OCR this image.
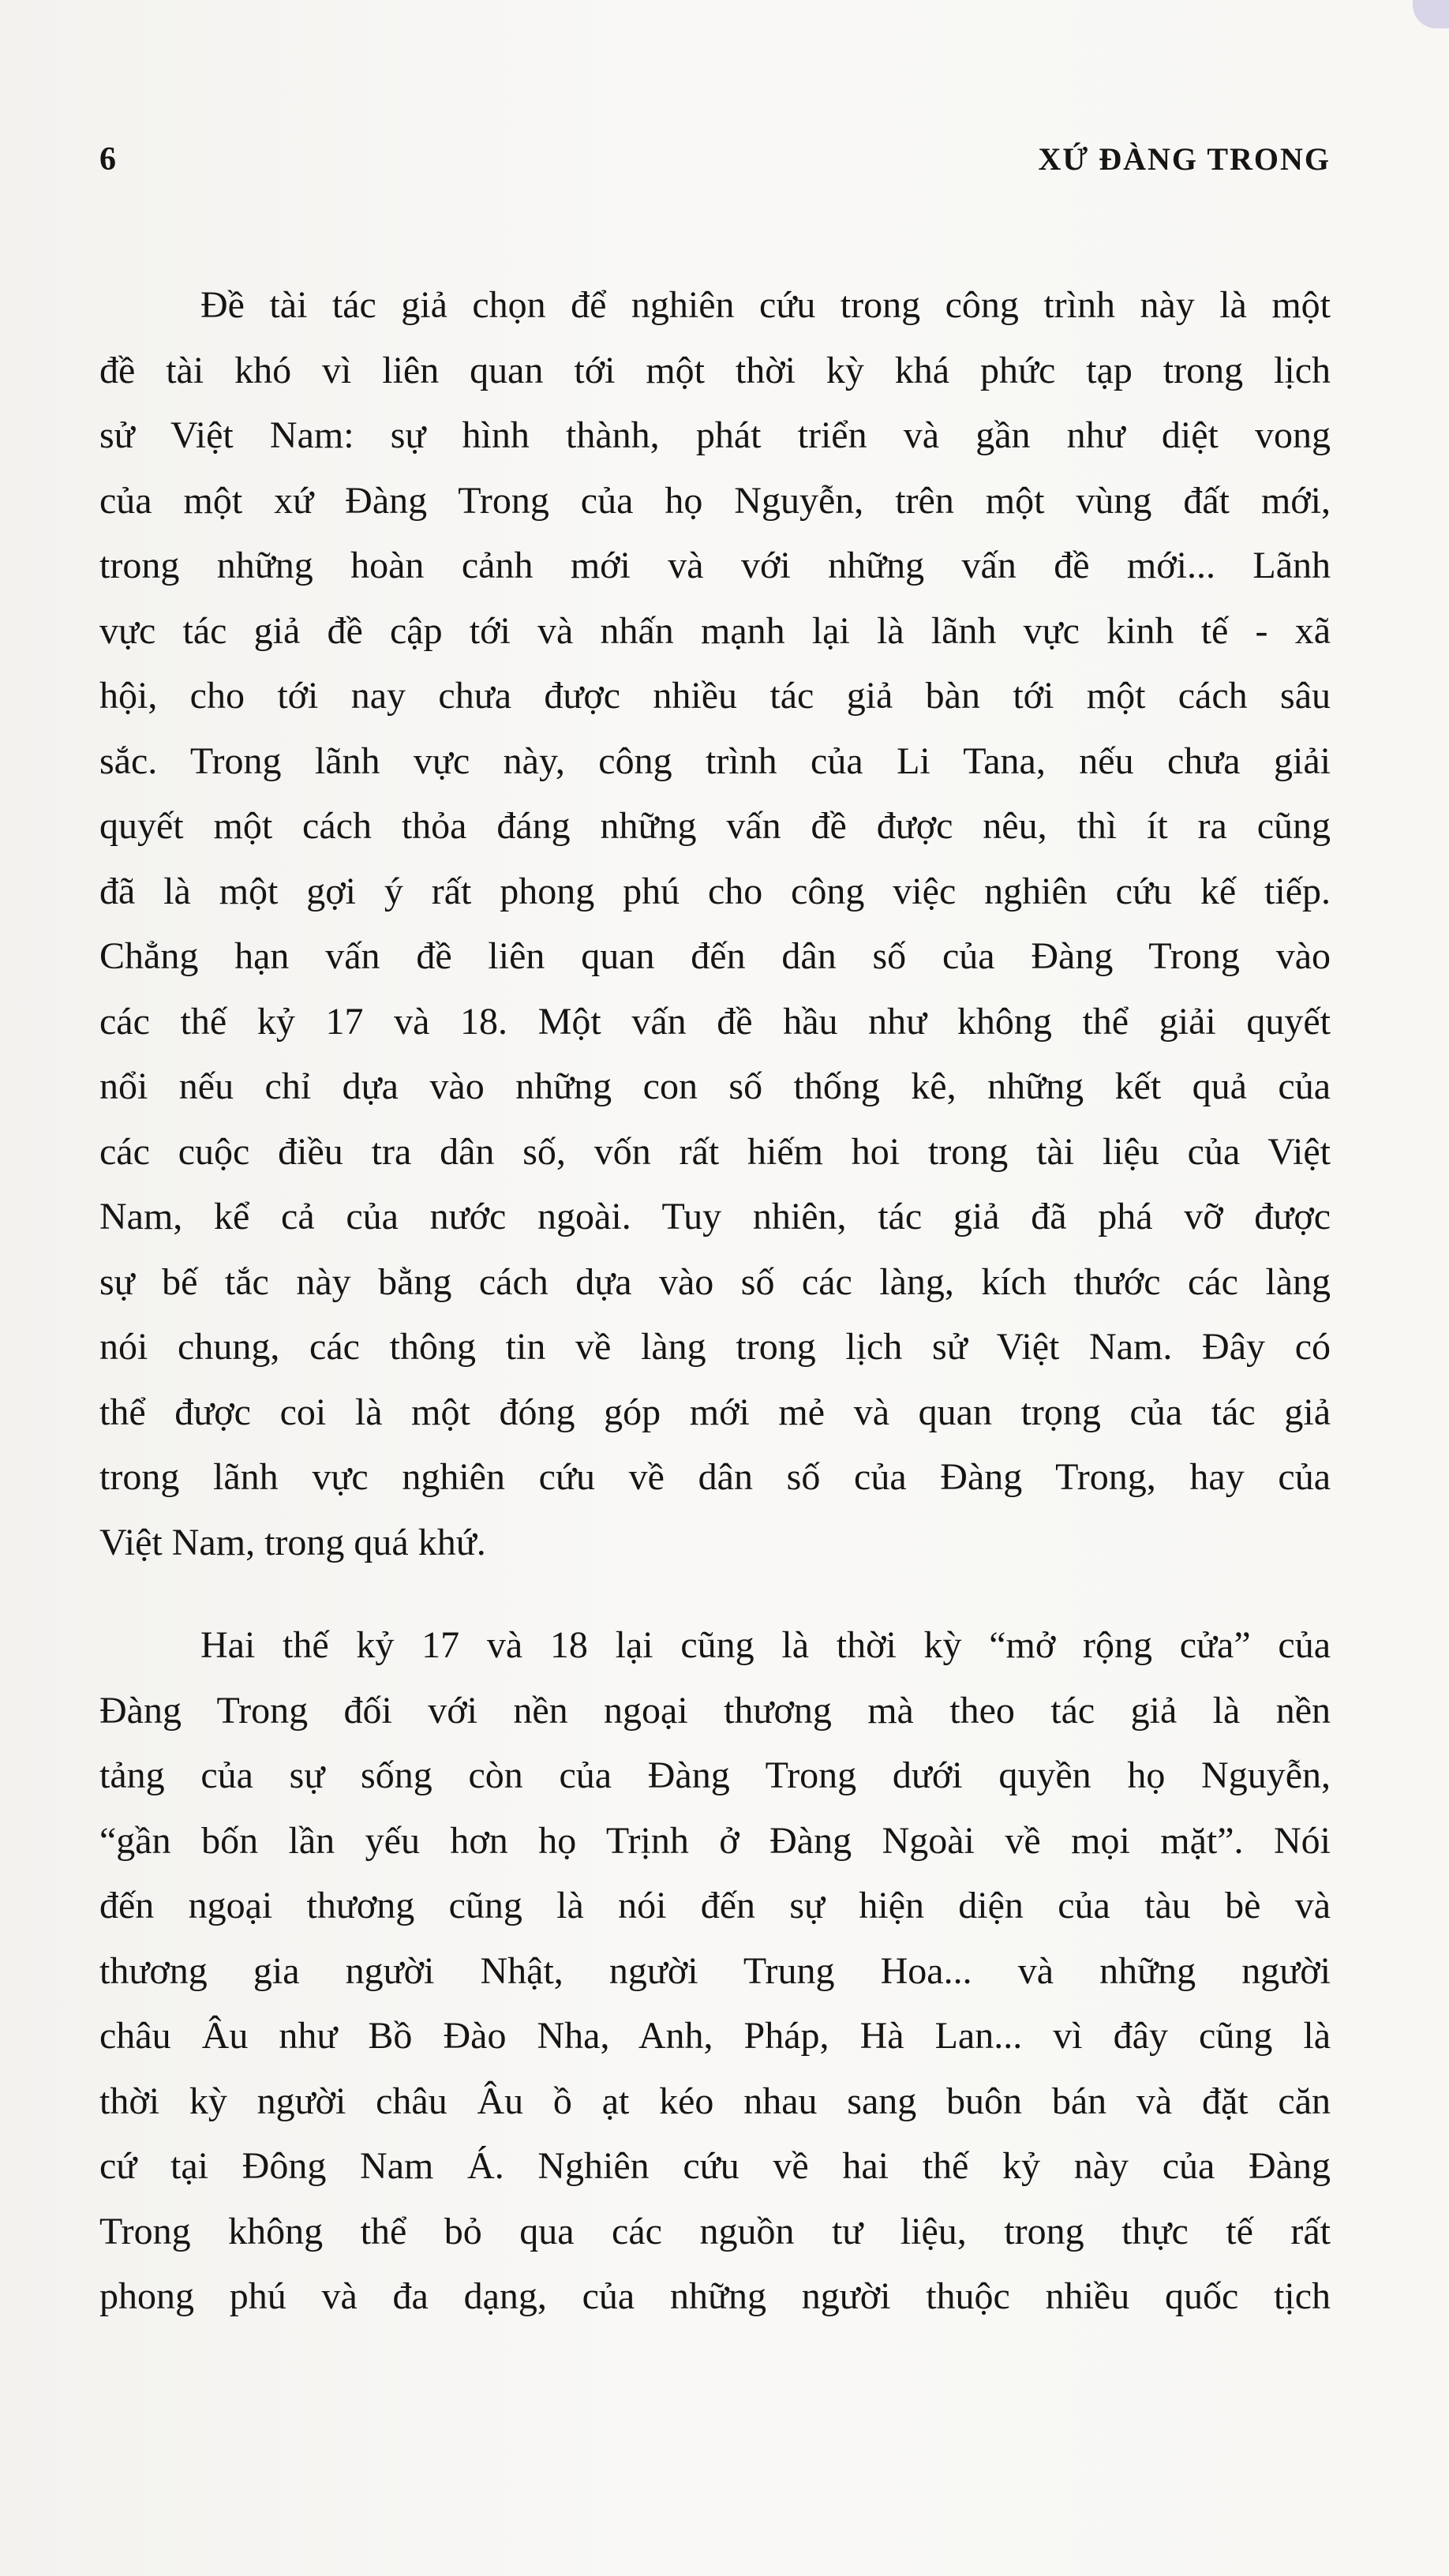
6	XỨ ĐÀNG TRONG
Đề tài tác giả chọn để nghiên cứu trong công trình này là một
đề tài khó vì liên quan tới một thời kỳ khá phức tạp trong lịch
sử Việt Nam: sự hình thành, phát triển và gần như diệt vong
của một xứ Đàng Trong của họ Nguyễn, trên một vùng đất mới,
trong những hoàn cảnh mới và với những vấn đề mới... Lãnh
vực tác giả đề cập tới và nhấn mạnh lại là lãnh vực kinh tế - xã
hội, cho tới nay chưa được nhiều tác giả bàn tới một cách sâu
sắc. Trong lãnh vực này, công trình của Li Tana, nếu chưa giải
quyết một cách thỏa đáng những vấn đề được nêu, thì ít ra cũng
đã là một gợi ý rất phong phú cho công việc nghiên cứu kế tiếp.
Chẳng hạn vấn đề liên quan đến dân số của Đàng Trong vào
các thế kỷ 17 và 18. Một vấn đề hầu như không thể giải quyết
nổi nếu chỉ dựa vào những con số thống kê, những kết quả của
các cuộc điều tra dân số, vốn rất hiếm hoi trong tài liệu của Việt
Nam, kể cả của nước ngoài. Tuy nhiên, tác giả đã phá vỡ được
sự bế tắc này bằng cách dựa vào số các làng, kích thước các làng
nói chung, các thông tin về làng trong lịch sử Việt Nam. Đây có
thể được coi là một đóng góp mới mẻ và quan trọng của tác giả
trong lãnh vực nghiên cứu về dân số của Đàng Trong, hay của
Việt Nam, trong quá khứ.
Hai thế kỷ 17 và 18 lại cũng là thời kỳ “mở rộng cửa” của
Đàng Trong đối với nền ngoại thương mà theo tác giả là nền
tảng của sự sống còn của Đàng Trong dưới quyền họ Nguyễn,
“gần bốn lần yếu hơn họ Trịnh ở Đàng Ngoài về mọi mặt”. Nói
đến ngoại thương cũng là nói đến sự hiện diện của tàu bè và
thương gia người Nhật, người Trung Hoa... và những người
châu Âu như Bồ Đào Nha, Anh, Pháp, Hà Lan... vì đây cũng là
thời kỳ người châu Âu ồ ạt kéo nhau sang buôn bán và đặt căn
cứ tại Đông Nam Á. Nghiên cứu về hai thế kỷ này của Đàng
Trong không thể bỏ qua các nguồn tư liệu, trong thực tế rất
phong phú và đa dạng, của những người thuộc nhiều quốc tịch
